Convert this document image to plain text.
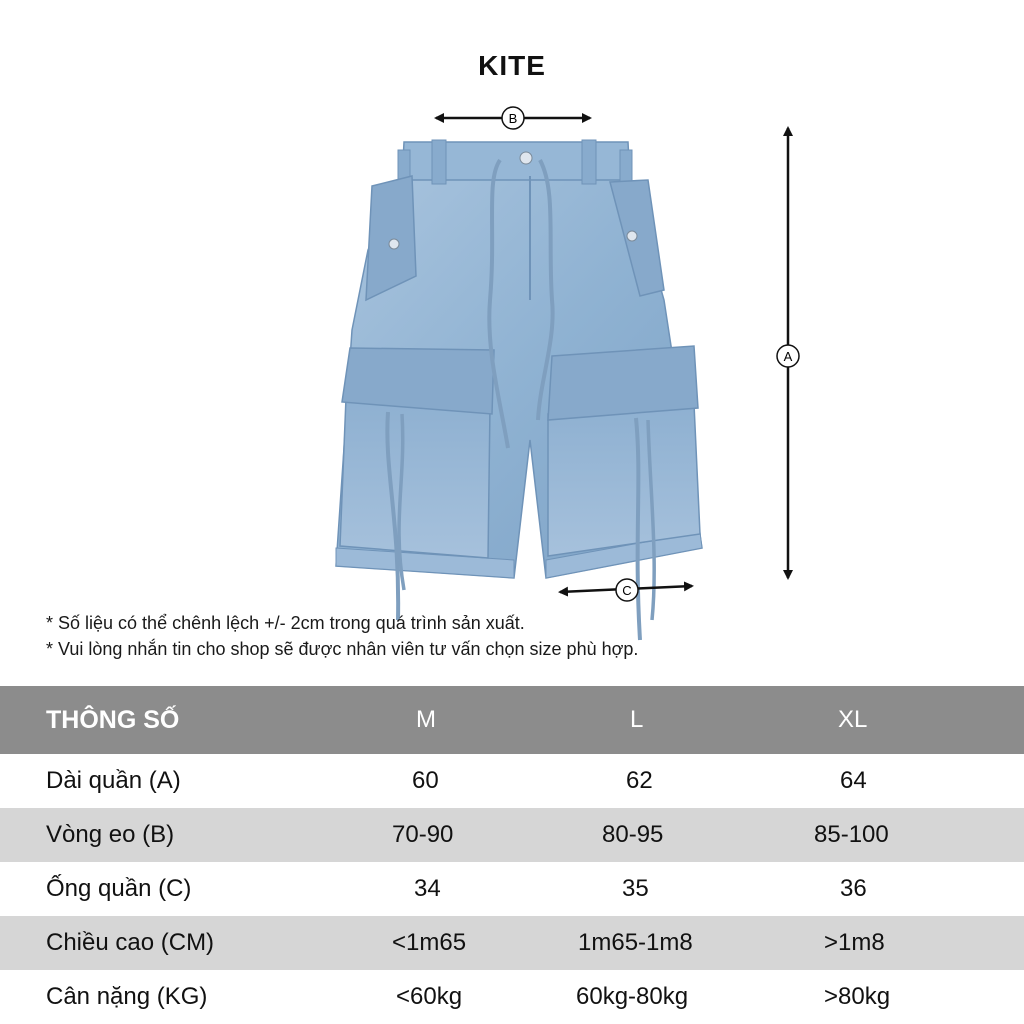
KITE
B
A
C
* Số liệu có thể chênh lệch +/- 2cm trong quá trình sản xuất.
* Vui lòng nhắn tin cho shop sẽ được nhân viên tư vấn chọn size phù hợp.
THÔNG SỐ	M	L	XL
Dài quần (A)	60	62	64
Vòng eo (B)	70-90	80-95	85-100
Ống quần (C)	34	35	36
Chiều cao (CM)	<1m65	1m65-1m8	>1m8
Cân nặng (KG)	<60kg	60kg-80kg	>80kg
